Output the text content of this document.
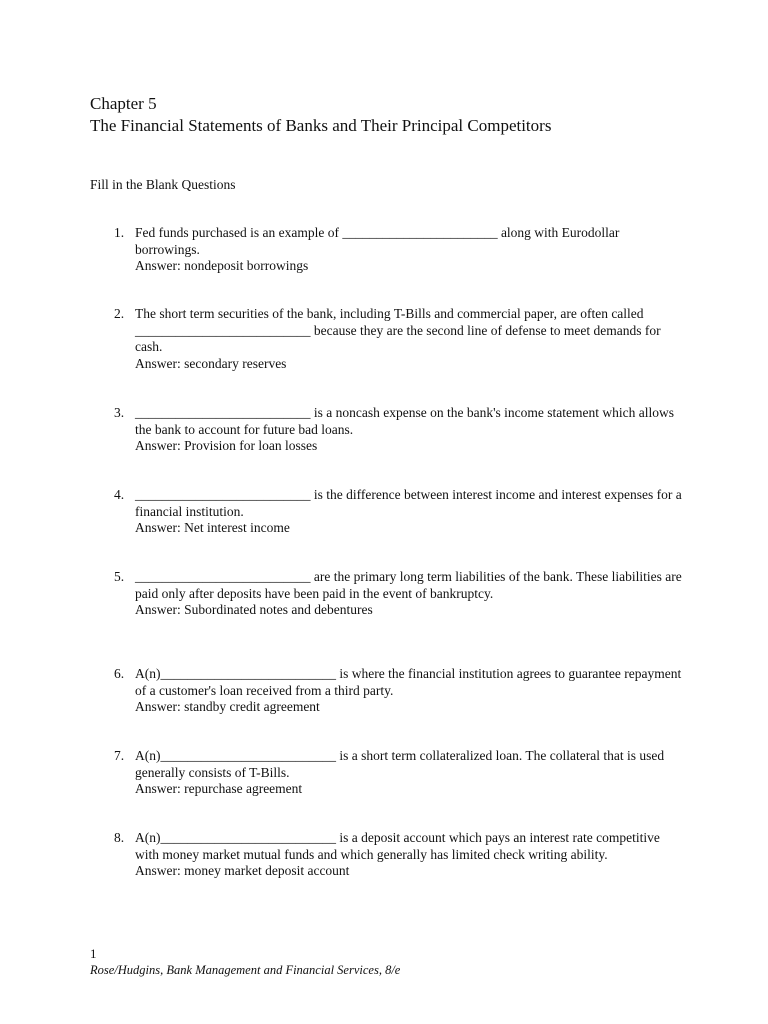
Chapter 5
The Financial Statements of Banks and Their Principal Competitors

Fill in the Blank Questions

1. Fed funds purchased is an example of _______________________ along with Eurodollar borrowings.
Answer: nondeposit borrowings
2. The short term securities of the bank, including T-Bills and commercial paper, are often called __________________________ because they are the second line of defense to meet demands for cash.
Answer: secondary reserves
3. __________________________ is a noncash expense on the bank's income statement which allows the bank to account for future bad loans.
Answer: Provision for loan losses
4. __________________________ is the difference between interest income and interest expenses for a financial institution.
Answer: Net interest income
5. __________________________ are the primary long term liabilities of the bank. These liabilities are paid only after deposits have been paid in the event of bankruptcy.
Answer: Subordinated notes and debentures
6. A(n)__________________________ is where the financial institution agrees to guarantee repayment of a customer's loan received from a third party.
Answer: standby credit agreement
7. A(n)__________________________ is a short term collateralized loan. The collateral that is used generally consists of T-Bills.
Answer: repurchase agreement
8. A(n)__________________________ is a deposit account which pays an interest rate competitive with money market mutual funds and which generally has limited check writing ability.
Answer: money market deposit account
1
Rose/Hudgins, Bank Management and Financial Services, 8/e
